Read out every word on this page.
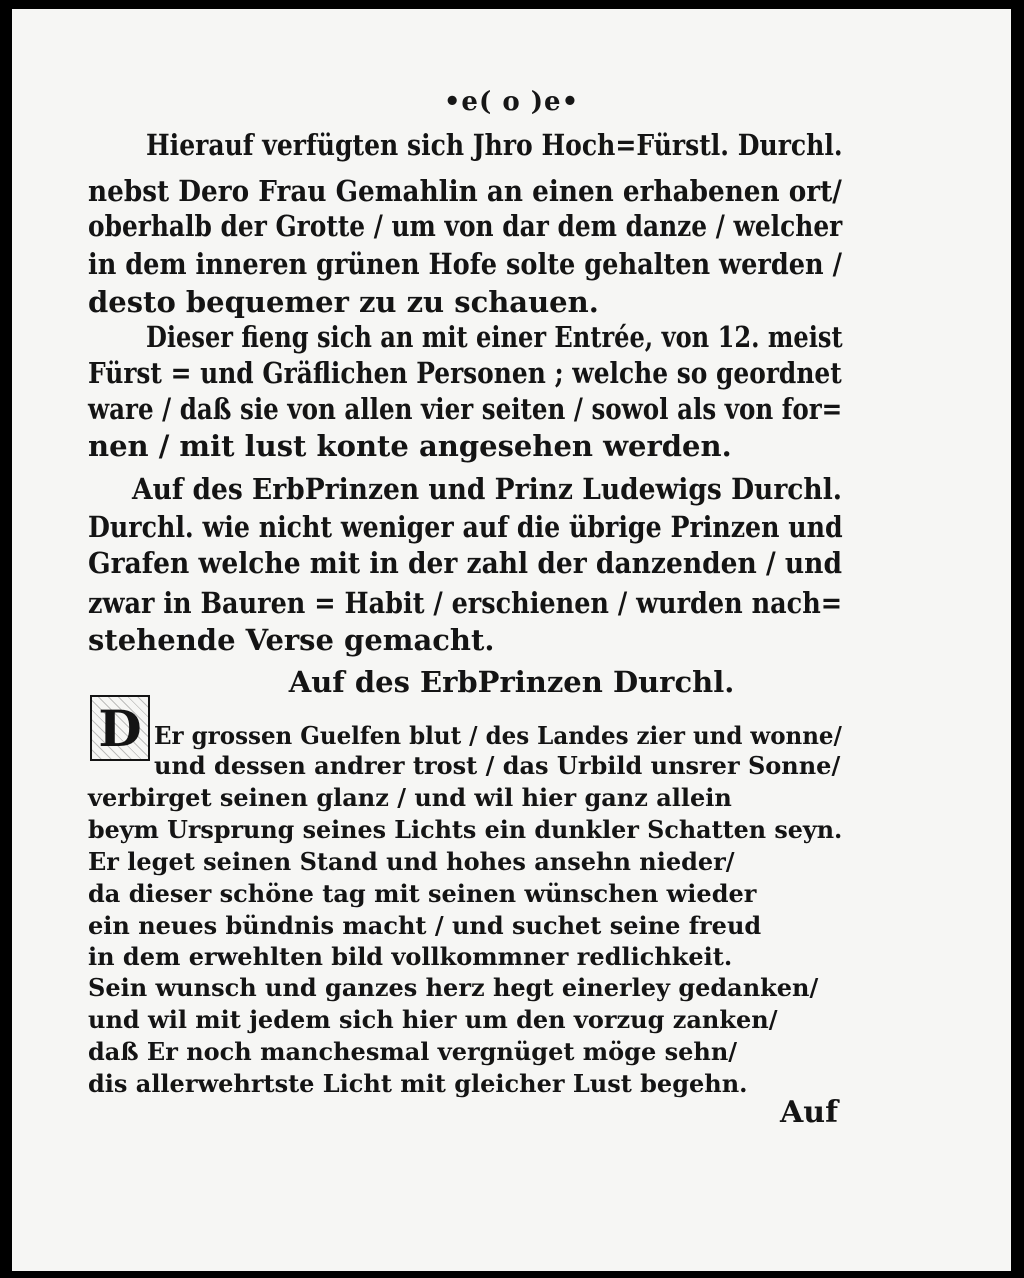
•e( o )e•
Hierauf verfügten sich Jhro Hoch=Fürstl. Durchl.
nebst Dero Frau Gemahlin an einen erhabenen ort/
oberhalb der Grotte / um von dar dem danze / welcher
in dem inneren grünen Hofe solte gehalten werden /
desto bequemer zu zu schauen.
Dieser fieng sich an mit einer Entrée, von 12. meist
Fürst = und Gräflichen Personen ; welche so geordnet
ware / daß sie von allen vier seiten / sowol als von for=
nen / mit lust konte angesehen werden.
Auf des ErbPrinzen und Prinz Ludewigs Durchl.
Durchl. wie nicht weniger auf die übrige Prinzen und
Grafen welche mit in der zahl der danzenden / und
zwar in Bauren = Habit / erschienen / wurden nach=
stehende Verse gemacht.
Auf des ErbPrinzen Durchl.
D Er grossen Guelfen blut / des Landes zier und wonne/
und dessen andrer trost / das Urbild unsrer Sonne/
verbirget seinen glanz / und wil hier ganz allein
beym Ursprung seines Lichts ein dunkler Schatten seyn.
Er leget seinen Stand und hohes ansehn nieder/
da dieser schöne tag mit seinen wünschen wieder
ein neues bündnis macht / und suchet seine freud
in dem erwehlten bild vollkommner redlichkeit.
Sein wunsch und ganzes herz hegt einerley gedanken/
und wil mit jedem sich hier um den vorzug zanken/
daß Er noch manchesmal vergnüget möge sehn/
dis allerwehrtste Licht mit gleicher Lust begehn.
Auf
